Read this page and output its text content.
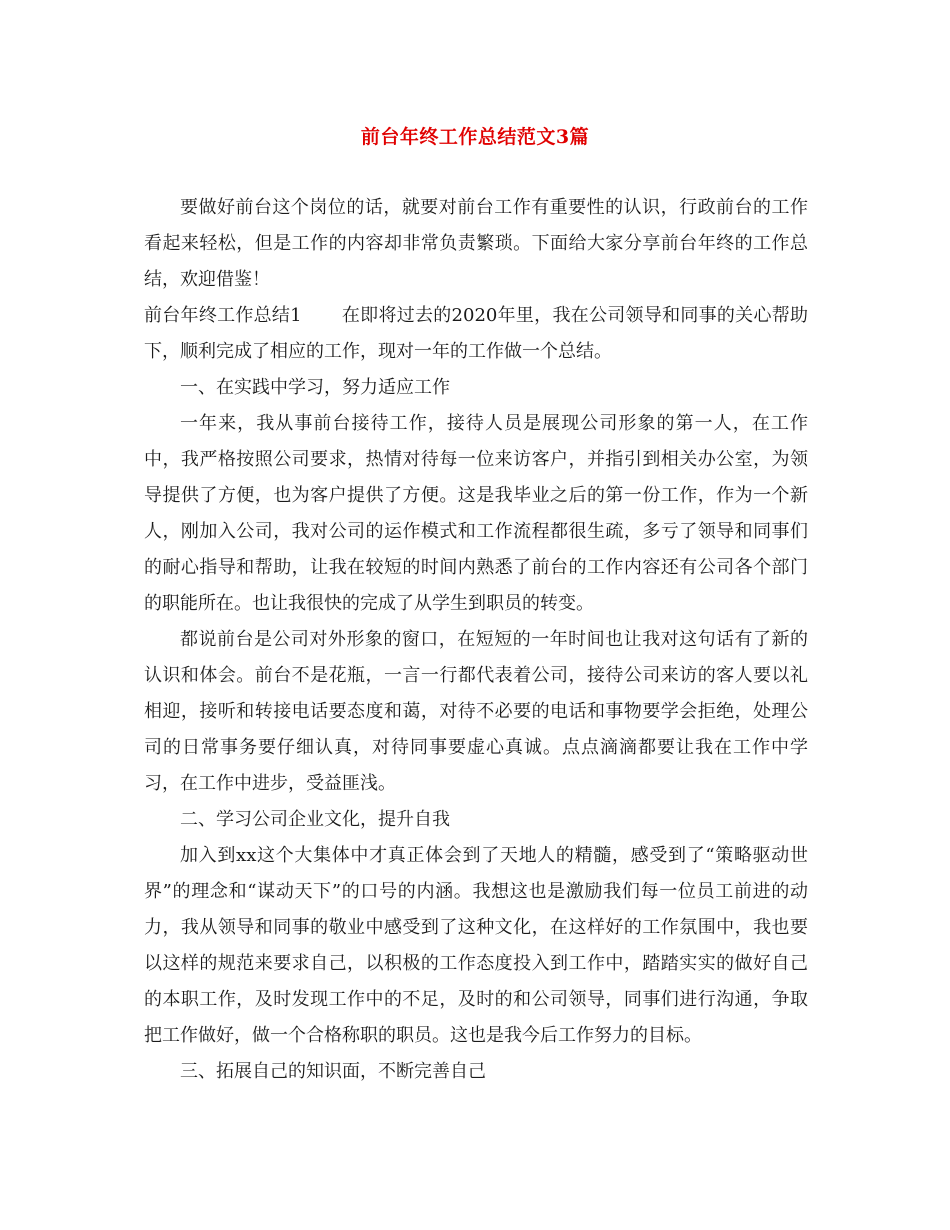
前台年终工作总结范文3篇

要做好前台这个岗位的话，就要对前台工作有重要性的认识，行政前台的工作看起来轻松，但是工作的内容却非常负责繁琐。下面给大家分享前台年终的工作总结，欢迎借鉴！

前台年终工作总结1 在即将过去的2020年里，我在公司领导和同事的关心帮助下，顺利完成了相应的工作，现对一年的工作做一个总结。

一、在实践中学习，努力适应工作

一年来，我从事前台接待工作，接待人员是展现公司形象的第一人，在工作中，我严格按照公司要求，热情对待每一位来访客户，并指引到相关办公室，为领导提供了方便，也为客户提供了方便。这是我毕业之后的第一份工作，作为一个新人，刚加入公司，我对公司的运作模式和工作流程都很生疏，多亏了领导和同事们的耐心指导和帮助，让我在较短的时间内熟悉了前台的工作内容还有公司各个部门的职能所在。也让我很快的完成了从学生到职员的转变。

都说前台是公司对外形象的窗口，在短短的一年时间也让我对这句话有了新的认识和体会。前台不是花瓶，一言一行都代表着公司，接待公司来访的客人要以礼相迎，接听和转接电话要态度和蔼，对待不必要的电话和事物要学会拒绝，处理公司的日常事务要仔细认真，对待同事要虚心真诚。点点滴滴都要让我在工作中学习，在工作中进步，受益匪浅。

二、学习公司企业文化，提升自我

加入到xx这个大集体中才真正体会到了天地人的精髓，感受到了“策略驱动世界”的理念和“谋动天下”的口号的内涵。我想这也是激励我们每一位员工前进的动力，我从领导和同事的敬业中感受到了这种文化，在这样好的工作氛围中，我也要以这样的规范来要求自己，以积极的工作态度投入到工作中，踏踏实实的做好自己的本职工作，及时发现工作中的不足，及时的和公司领导，同事们进行沟通，争取把工作做好，做一个合格称职的职员。这也是我今后工作努力的目标。

三、拓展自己的知识面，不断完善自己
